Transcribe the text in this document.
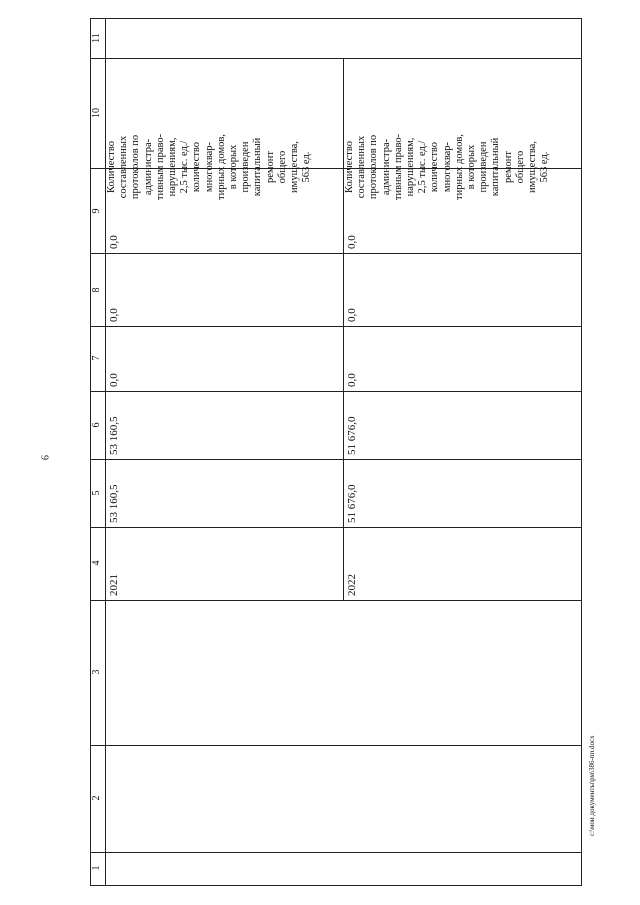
9
c:\мои документы\рм\386-пп.docx
11
10
9
8
7
6
5
4
3
2
1
2021
53 160,5
53 160,5
0,0
0,0
0,0
Количество составленных протоколов по администра- тивным право- нарушениям, 2,5 тыс. ед./ количество многоквар- тирных домов, в которых произведен капитальный ремонт общего имущества, 563 ед.
2022
51 676,0
51 676,0
0,0
0,0
0,0
Количество составленных протоколов по администра- тивным право- нарушениям, 2,5 тыс. ед./ количество многоквар- тирных домов, в которых произведен капитальный ремонт общего имущества, 563 ед.
